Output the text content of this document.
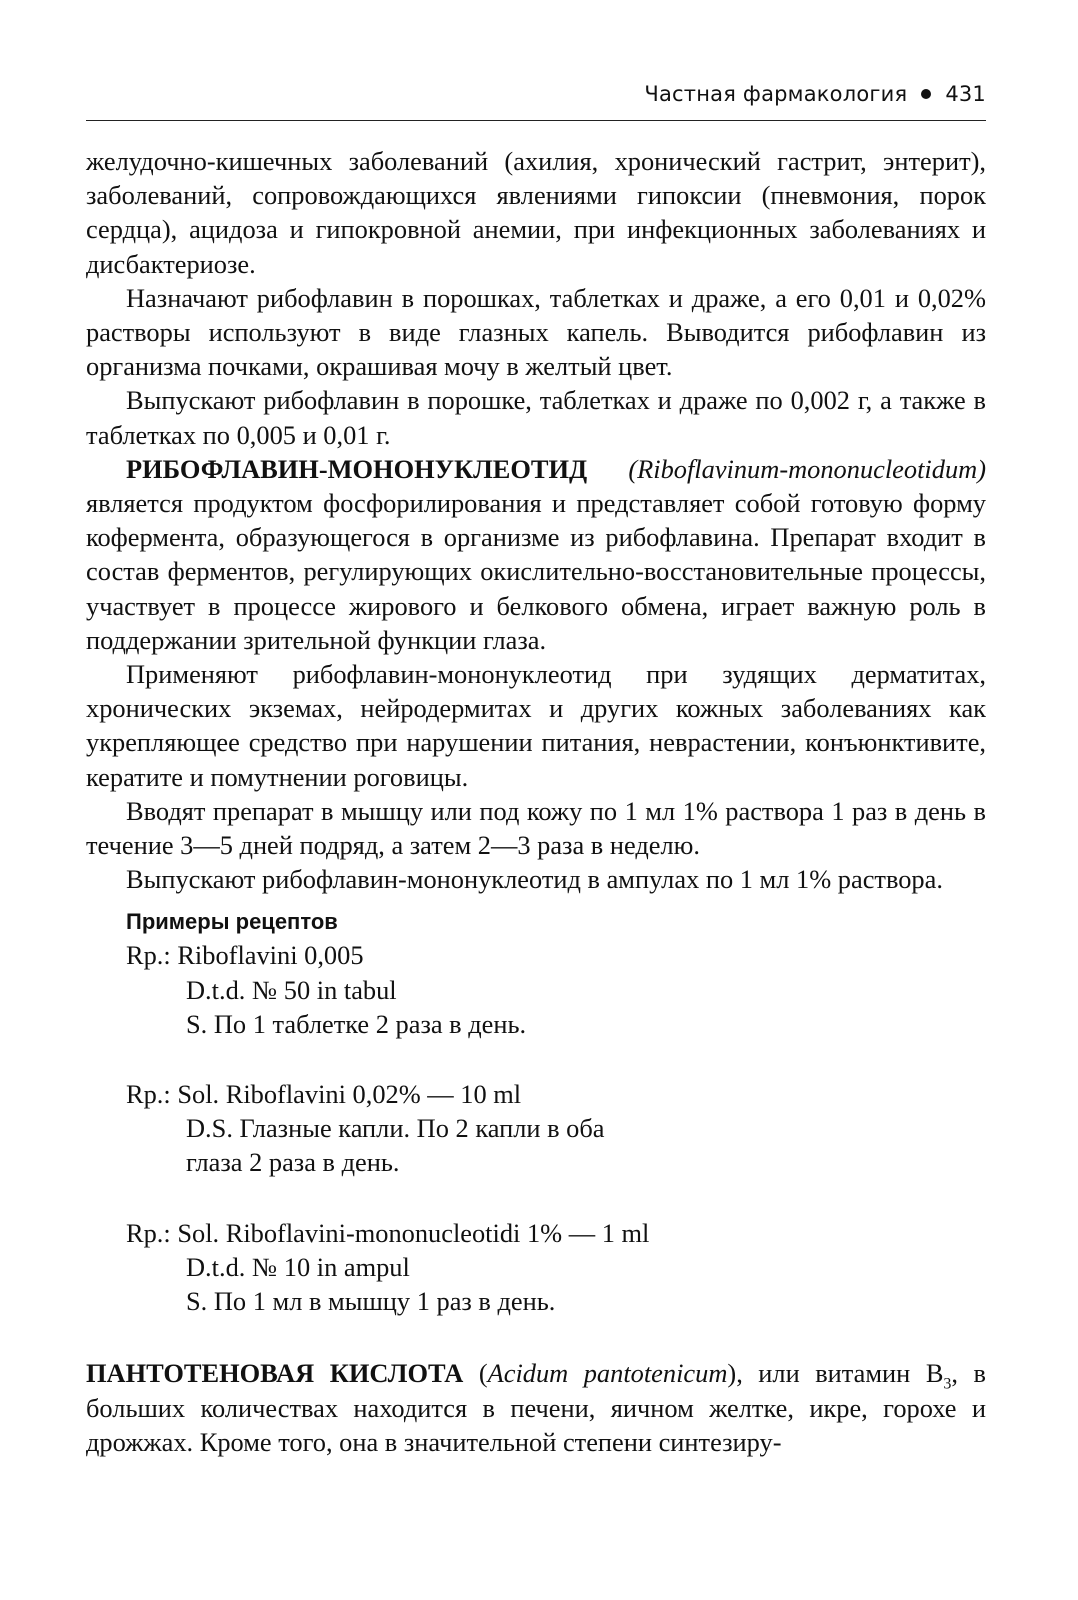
Частная фармакология 431

желудочно-кишечных заболеваний (ахилия, хронический гастрит, энтерит), заболеваний, сопровождающихся явлениями гипоксии (пневмония, порок сердца), ацидоза и гипокровной анемии, при инфекционных заболеваниях и дисбактериозе.

Назначают рибофлавин в порошках, таблетках и драже, а его 0,01 и 0,02% растворы используют в виде глазных капель. Выводится рибофлавин из организма почками, окрашивая мочу в желтый цвет.

Выпускают рибофлавин в порошке, таблетках и драже по 0,002 г, а также в таблетках по 0,005 и 0,01 г.

РИБОФЛАВИН-МОНОНУКЛЕОТИД (Riboflavinum-mononucleotidum) является продуктом фосфорилирования и представляет собой готовую форму кофермента, образующегося в организме из рибофлавина. Препарат входит в состав ферментов, регулирующих окислительно-восстановительные процессы, участвует в процессе жирового и белкового обмена, играет важную роль в поддержании зрительной функции глаза.

Применяют рибофлавин-мононуклеотид при зудящих дерматитах, хронических экземах, нейродермитах и других кожных заболеваниях как укрепляющее средство при нарушении питания, неврастении, конъюнктивите, кератите и помутнении роговицы.

Вводят препарат в мышцу или под кожу по 1 мл 1% раствора 1 раз в день в течение 3—5 дней подряд, а затем 2—3 раза в неделю.

Выпускают рибофлавин-мононуклеотид в ампулах по 1 мл 1% раствора.

Примеры рецептов
Rp.: Riboflavini 0,005
D.t.d. № 50 in tabul
S. По 1 таблетке 2 раза в день.
Rp.: Sol. Riboflavini 0,02% — 10 ml
D.S. Глазные капли. По 2 капли в оба
глаза 2 раза в день.
Rp.: Sol. Riboflavini-mononucleotidi 1% — 1 ml
D.t.d. № 10 in ampul
S. По 1 мл в мышцу 1 раз в день.

ПАНТОТЕНОВАЯ КИСЛОТА (Acidum pantotenicum), или витамин $B_3$, в больших количествах находится в печени, яичном желтке, икре, горохе и дрожжах. Кроме того, она в значительной степени синтезиру-
